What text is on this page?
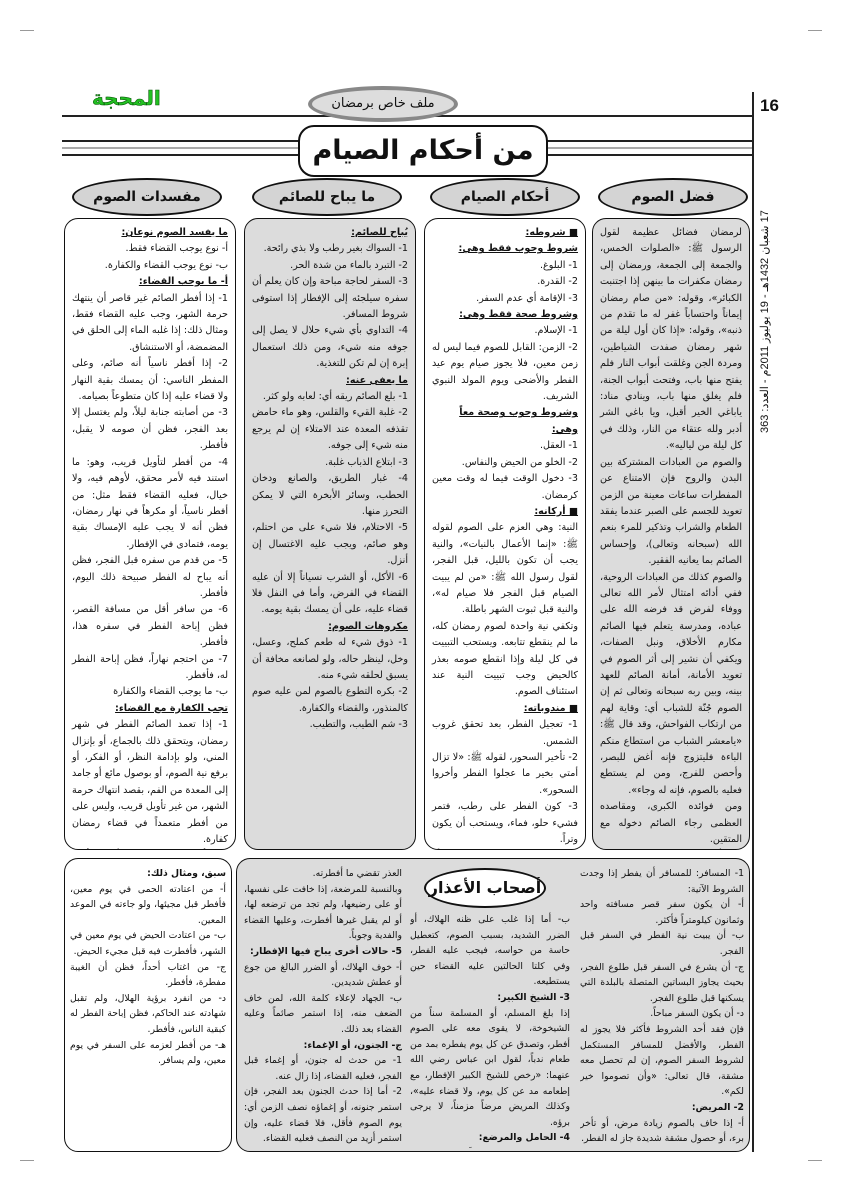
16
17 شعبان 1432هـ - 19 يوليوز 2011م - العدد: 363
المحجة	ملف خاص برمضان
من أحكام الصيام
فضل الصوم
أحكام الصيام
ما يباح للصائم
مفسدات الصوم

لرمضان فضائل عظيمة لقول الرسول ﷺ: «الصلوات الخمس، والجمعة إلى الجمعة، ورمضان إلى رمضان مكفرات ما بينهن إذا اجتنبت الكبائر»، وقوله: «من صام رمضان إيماناً واحتساباً غفر له ما تقدم من ذنبه»، وقوله: «إذا كان أول ليلة من شهر رمضان صفدت الشياطين، ومردة الجن وغلقت أبواب النار فلم يفتح منها باب، وفتحت أبواب الجنة، فلم يغلق منها باب، وينادي مناد: ياباغي الخير أقبل، ويا باغي الشر أدبر ولله عتقاء من النار، وذلك في كل ليلة من لياليه».

والصوم من العبادات المشتركة بين البدن والروح فإن الامتناع عن المفطرات ساعات معينة من الزمن تعويد للجسم على الصبر عندما يفقد الطعام والشراب وتذكير للمرء بنعم الله (سبحانه وتعالى)، وإحساس الصائم بما يعانيه الفقير.

والصوم كذلك من العبادات الروحية، ففي أدائه امتثال لأمر الله تعالى ووفاء لفرض قد فرضه الله على عباده، ومدرسة يتعلم فيها الصائم مكارم الأخلاق، ونبل الصفات، ويكفي أن نشير إلى أثر الصوم في تعويد الأمانة، أمانة الصائم للعهد بينه، وبين ربه سبحانه وتعالى ثم إن الصوم جُنّة للشباب أي: وقاية لهم من ارتكاب الفواحش، وقد قال ﷺ: «يامعشر الشباب من استطاع منكم الباءة فليتزوج فإنه أغض للبصر، وأحصن للفرج، ومن لم يستطع فعليه بالصوم، فإنه له وجاء».

ومن فوائده الكبرى، ومقاصده العظمى رجاء الصائم دخوله مع المتقين.

■ شروطه:

شروط وجوب فقط وهي:

1- البلوغ.

2- القدرة.

3- الإقامة أي عدم السفر.

وشروط صحة فقط وهي:

1- الإسلام.

2- الزمن: القابل للصوم فيما ليس له زمن معين، فلا يجوز صيام يوم عيد الفطر والأضحى ويوم المولد النبوي الشريف.

وشروط وجوب وصحة معاً وهي:

1- العقل.

2- الخلو من الحيض والنفاس.

3- دخول الوقت فيما له وقت معين كرمضان.

■ أركانه:

النية: وهي العزم على الصوم لقوله ﷺ: «إنما الأعمال بالنيات»، والنية يجب أن تكون بالليل، قبل الفجر، لقول رسول الله ﷺ: «من لم يبيت الصيام قبل الفجر فلا صيام له»، والنية قبل ثبوت الشهر باطلة.

وتكفي نية واحدة لصوم رمضان كله، ما لم ينقطع تتابعه. ويستحب التبييت في كل ليلة وإذا انقطع صومه بعذر كالحيض وجب تبييت النية عند استئناف الصوم.

■ مندوباته:

1- تعجيل الفطر، بعد تحقق غروب الشمس.

2- تأخير السحور، لقوله ﷺ: «لا تزال أمتي بخير ما عجلوا الفطر وأخروا السحور».

3- كون الفطر على رطب، فتمر فشيء حلو، فماء، ويستحب أن يكون وتراً.

يُباح للصائم:

1- السواك بغير رطب ولا بذي رائحة.

2- التبرد بالماء من شدة الحر.

3- السفر لحاجة مباحة وإن كان يعلم أن سفره سيلجئه إلى الإفطار إذا استوفى شروط المسافر.

4- التداوي بأي شيء حلال لا يصل إلى جوفه منه شيء، ومن ذلك استعمال إبرة إن لم تكن للتغذية.

ما يعفى عنه:

1- بلع الصائم ريقه أي: لعابه ولو كثر.

2- غلبة القيء والقلس، وهو ماء حامض تقذفه المعدة عند الامتلاء إن لم يرجع منه شيء إلى جوفه.

3- ابتلاع الذباب غلبة.

4- غبار الطريق، والصانع ودخان الحطب، وسائر الأبخرة التي لا يمكن التحرز منها.

5- الاحتلام، فلا شيء على من احتلم، وهو صائم، ويجب عليه الاغتسال إن أنزل.

6- الأكل، أو الشرب نسياناً إلا أن عليه القضاء في الفرض، وأما في النفل فلا قضاء عليه، على أن يمسك بقية يومه.

مكروهات الصوم:

1- ذوق شيء له طعم كملح، وعسل، وخل، لينظر حاله، ولو لصانعه مخافة أن يسبق لحلقه شيء منه.

2- بكره التطوع بالصوم لمن عليه صوم كالمنذور، والقضاء والكفارة.

3- شم الطيب، والتطيب.

ما يفسد الصوم نوعان:

أ- نوع يوجب القضاء فقط.

ب- نوع يوجب القضاء والكفارة.

أ- ما يوجب القضاء:

1- إذا أفطر الصائم غير قاصر أن ينتهك حرمة الشهر، وجب عليه القضاء فقط، ومثال ذلك: إذا غلبه الماء إلى الحلق في المضمضة، أو الاستنشاق.

2- إذا أفطر ناسياً أنه صائم، وعلى المفطر الناسي: أن يمسك بقية النهار ولا قضاء عليه إذا كان متطوعاً بصيامه.

3- من أصابته جنابة ليلاً، ولم يغتسل إلا بعد الفجر، فظن أن صومه لا يقبل، فأفطر.

4- من أفطر لتأويل قريب، وهو: ما استند فيه لأمر محقق، لأوهم فيه، ولا خيال، فعليه القضاء فقط مثل: من أفطر ناسياً، أو مكرهاً في نهار رمضان، فظن أنه لا يجب عليه الإمساك بقية يومه، فتمادى في الإفطار.

5- من قدم من سفره قبل الفجر، فظن أنه يباح له الفطر صبيحة ذلك اليوم، فأفطر.

6- من سافر أقل من مسافة القصر، فظن إباحة الفطر في سفره هذا، فأفطر.

7- من احتجم نهاراً، فظن إباحة الفطر له، فأفطر.

ب- ما يوجب القضاء والكفارة

تجب الكفارة مع القضاء:

1- إذا تعمد الصائم الفطر في شهر رمضان، ويتحقق ذلك بالجماع، أو بإنزال المني، ولو بإدامة النظر، أو الفكر، أو برفع نية الصوم، أو بوصول مائع أو جامد إلى المعدة من الفم، بقصد انتهاك حرمة الشهر، من غير تأويل قريب، وليس على من أفطر متعمداً في قضاء رمضان كفارة.

أصحاب الأعذار

1- المسافر: للمسافر أن يفطر إذا وجدت الشروط الآتية:

أ- أن يكون سفر قصر مسافته واحد وثمانون كيلومتراً فأكثر.

ب- أن يبيت نية الفطر في السفر قبل الفجر.

ج- أن يشرع في السفر قبل طلوع الفجر، بحيث يجاوز البساتين المتصلة بالبلدة التي يسكنها قبل طلوع الفجر.

د- أن يكون السفر مباحاً.

فإن فقد أحد الشروط فأكثر فلا يجوز له الفطر، والأفضل للمسافر المستكمل لشروط السفر الصوم، إن لم تحصل معه مشقة، قال تعالى: «وأن تصوموا خير لكم».

2- المريض:

أ- إذا خاف بالصوم زيادة مرض، أو تأخر برء، أو حصول مشقة شديدة جاز له الفطر.

ب- أما إذا غلب على ظنه الهلاك، أو الضرر الشديد، بسبب الصوم، كتعطيل حاسة من حواسه، فيجب عليه الفطر، وفي كلتا الحالتين عليه القضاء حين يستطيعه.

3- الشيخ الكبير:

إذا بلغ المسلم، أو المسلمة سناً من الشيخوخة، لا يقوى معه على الصوم أفطر، وتصدق عن كل يوم يفطره بمد من طعام ندباً، لقول ابن عباس رضي الله عنهما: «رخص للشيخ الكبير الإفطار، مع إطعامه مد عن كل يوم، ولا قضاء عليه»، وكذلك المريض مرضاً مزمناً، لا يرجى برؤه.

4- الحامل والمرضع:

العذر تقضي ما أفطرته.

وبالنسبة للمرضعة، إذا خافت على نفسها، أو على رضيعها، ولم تجد من ترضعه لها، أو لم يقبل غيرها أفطرت، وعليها القضاء والفدية وجوباً.

5- حالات أخرى يباح فيها الإفطار:

أ- خوف الهلاك، أو الضرر البالغ من جوع أو عطش شديدين.

ب- الجهاد لإعلاء كلمة الله، لمن خاف الضعف منه، إذا استمر صائماً وعليه القضاء بعد ذلك.

ج- الجنون، أو الإغماء:

1- من حدث له جنون، أو إغماء قبل الفجر، فعليه القضاء، إذا زال عنه.

2- أما إذا حدث الجنون بعد الفجر، فإن استمر جنونه، أو إغماؤه نصف الزمن أي: يوم الصوم فأقل، فلا قضاء عليه، وإن استمر أزيد من النصف فعليه القضاء.

سبق، ومثال ذلك:

أ- من اعتادته الحمى في يوم معين، فأفطر قبل مجيئها، ولو جاءته في الموعد المعين.

ب- من اعتادت الحيض في يوم معين في الشهر، فأفطرت فيه قبل مجيء الحيض.

ج- من اغتاب أحداً، فظن أن الغيبة مفطرة، فأفطر.

د- من انفرد برؤية الهلال، ولم تقبل شهادته عند الحاكم، فظن إباحة الفطر له كبقية الناس، فأفطر.

هـ- من أفطر لعزمه على السفر في يوم معين، ولم يسافر.
